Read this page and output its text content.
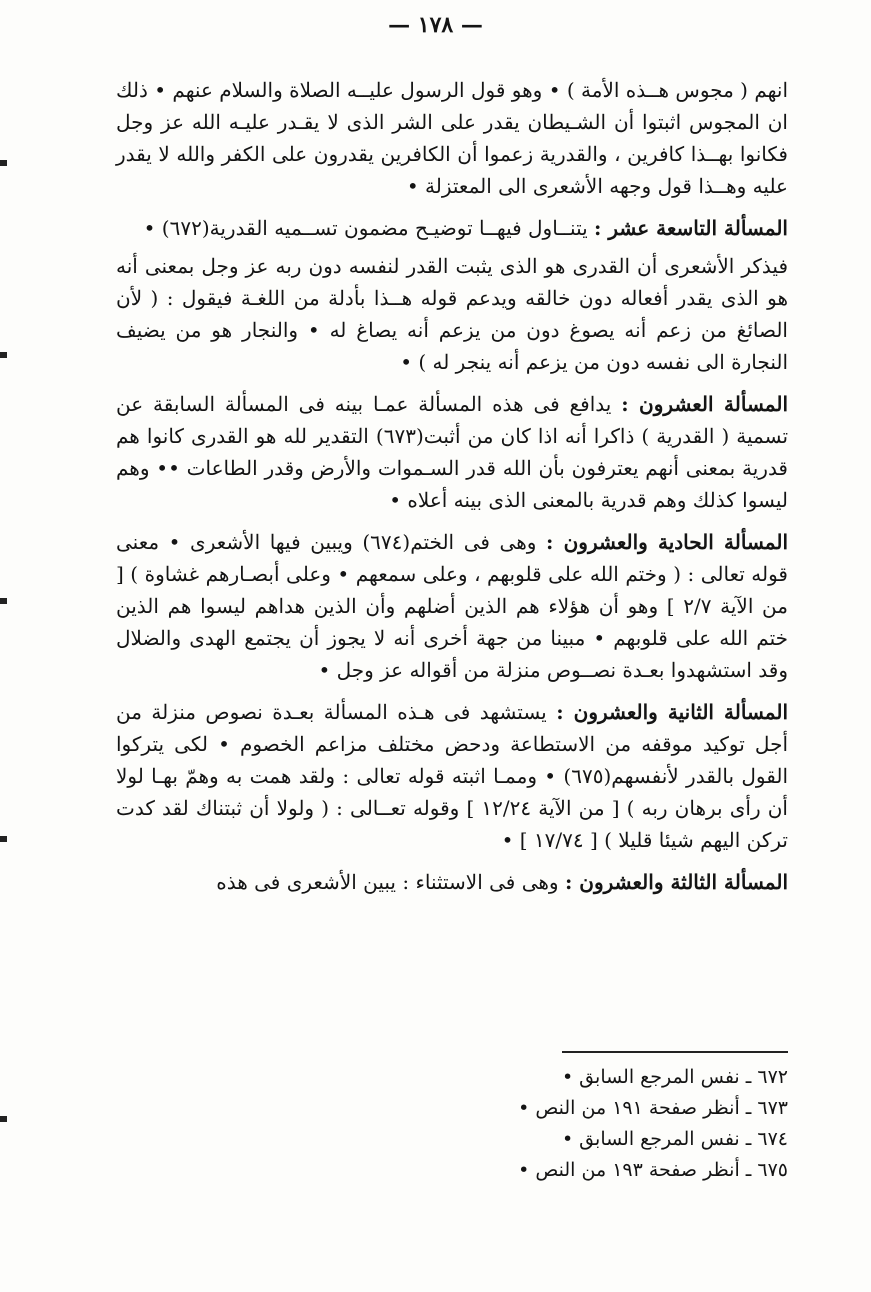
— ١٧٨ —

انهم ( مجوس هــذه الأمة ) • وهو قول الرسول عليــه الصلاة والسلام عنهم • ذلك ان المجوس اثبتوا أن الشـيطان يقدر على الشر الذى لا يقـدر عليـه الله عز وجل فكانوا بهــذا كافرين ، والقدرية زعموا أن الكافرين يقدرون على الكفر والله لا يقدر عليه وهــذا قول وجهه الأشعرى الى المعتزلة •

المسألة التاسعة عشر : يتنــاول فيهــا توضيـح مضمون تســميه القدرية(٦٧٢) •

فيذكر الأشعرى أن القدرى هو الذى يثبت القدر لنفسه دون ربه عز وجل بمعنى أنه هو الذى يقدر أفعاله دون خالقه ويدعم قوله هــذا بأدلة من اللغـة فيقول : ( لأن الصائغ من زعم أنه يصوغ دون من يزعم أنه يصاغ له • والنجار هو من يضيف النجارة الى نفسه دون من يزعم أنه ينجر له ) •

المسألة العشرون : يدافع فى هذه المسألة عمـا بينه فى المسألة السابقة عن تسمية ( القدرية ) ذاكرا أنه اذا كان من أثبت(٦٧٣) التقدير لله هو القدرى كانوا هم قدرية بمعنى أنهم يعترفون بأن الله قدر السـموات والأرض وقدر الطاعات •• وهم ليسوا كذلك وهم قدرية بالمعنى الذى بينه أعلاه •

المسألة الحادية والعشرون : وهى فى الختم(٦٧٤) ويبين فيها الأشعرى • معنى قوله تعالى : ( وختم الله على قلوبهم ، وعلى سمعهم • وعلى أبصـارهم غشاوة ) [ من الآية ٢/٧ ] وهو أن هؤلاء هم الذين أضلهم وأن الذين هداهم ليسوا هم الذين ختم الله على قلوبهم • مبينا من جهة أخرى أنه لا يجوز أن يجتمع الهدى والضلال وقد استشهدوا بعـدة نصــوص منزلة من أقواله عز وجل •

المسألة الثانية والعشرون : يستشهد فى هـذه المسألة بعـدة نصوص منزلة من أجل توكيد موقفه من الاستطاعة ودحض مختلف مزاعم الخصوم • لكى يتركوا القول بالقدر لأنفسهم(٦٧٥) • وممـا اثبته قوله تعالى : ولقد همت به وهمّ بهـا لولا أن رأى برهان ربه ) [ من الآية ١٢/٢٤ ] وقوله تعــالى : ( ولولا أن ثبتناك لقد كدت تركن اليهم شيئا قليلا ) [ ١٧/٧٤ ] •

المسألة الثالثة والعشرون : وهى فى الاستثناء : يبين الأشعرى فى هذه

٦٧٢ ـ نفس المرجع السابق •
٦٧٣ ـ أنظر صفحة ١٩١ من النص •
٦٧٤ ـ نفس المرجع السابق •
٦٧٥ ـ أنظر صفحة ١٩٣ من النص •
